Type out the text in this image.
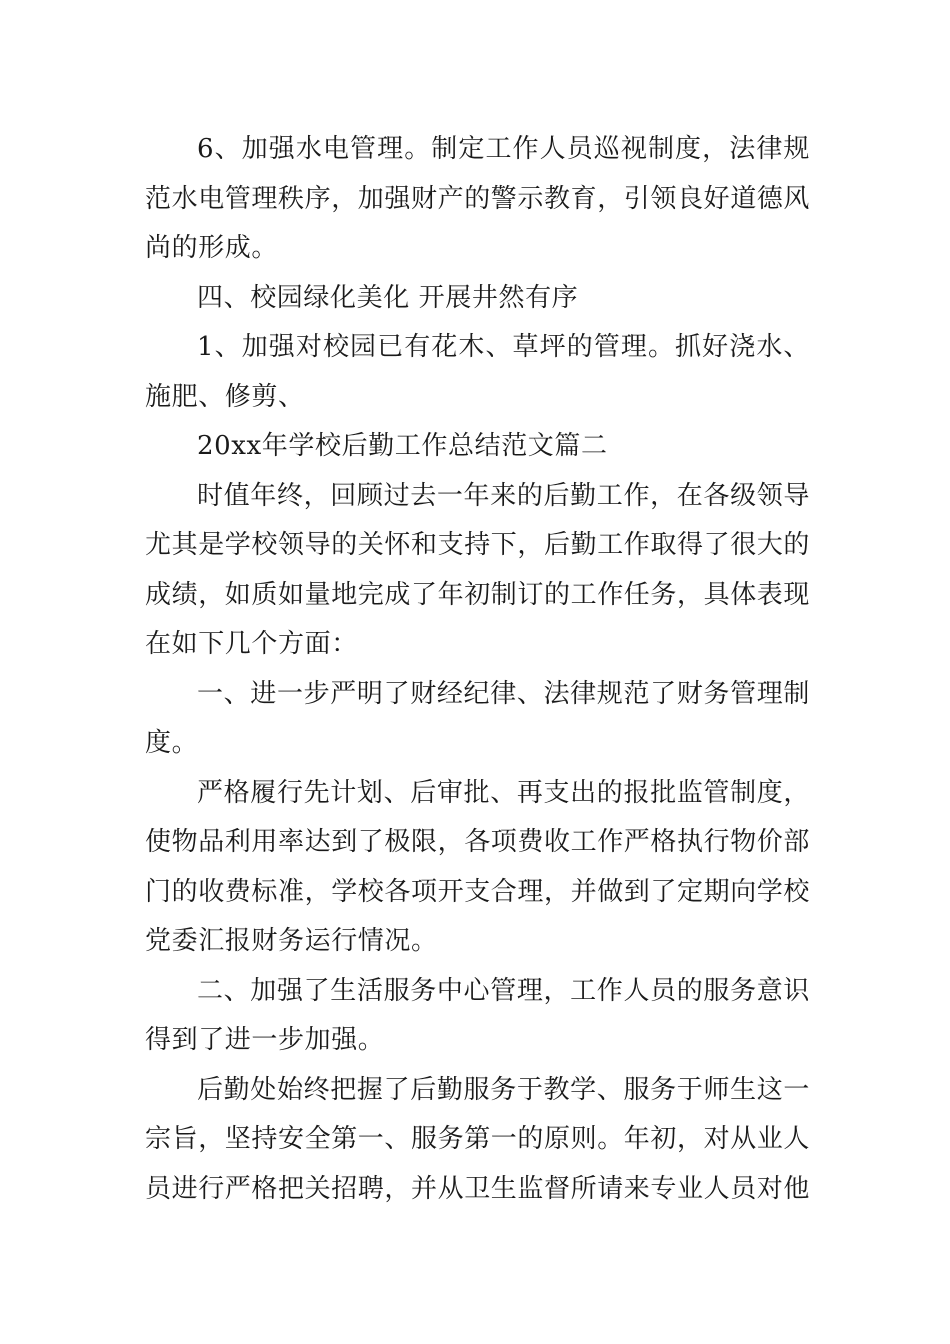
6、加强水电管理。制定工作人员巡视制度，法律规范水电管理秩序，加强财产的警示教育，引领良好道德风尚的形成。

四、校园绿化美化 开展井然有序

1、加强对校园已有花木、草坪的管理。抓好浇水、施肥、修剪、

20xx年学校后勤工作总结范文篇二

时值年终，回顾过去一年来的后勤工作，在各级领导尤其是学校领导的关怀和支持下，后勤工作取得了很大的成绩，如质如量地完成了年初制订的工作任务，具体表现在如下几个方面：

一、进一步严明了财经纪律、法律规范了财务管理制度。

严格履行先计划、后审批、再支出的报批监管制度，使物品利用率达到了极限，各项费收工作严格执行物价部门的收费标准，学校各项开支合理，并做到了定期向学校党委汇报财务运行情况。

二、加强了生活服务中心管理，工作人员的服务意识得到了进一步加强。

后勤处始终把握了后勤服务于教学、服务于师生这一宗旨，坚持安全第一、服务第一的原则。年初，对从业人员进行严格把关招聘，并从卫生监督所请来专业人员对他
